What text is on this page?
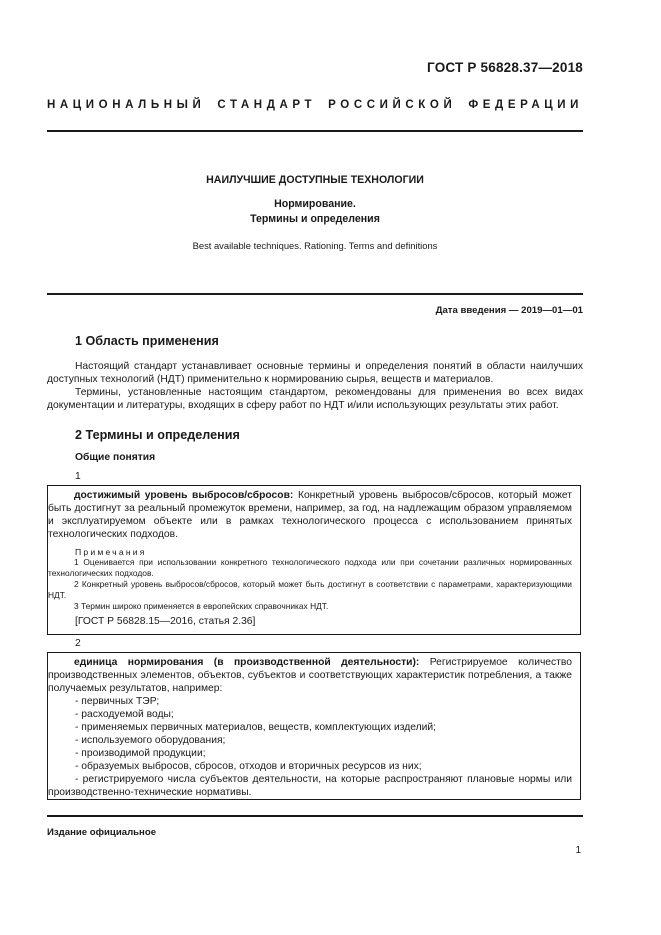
ГОСТ Р 56828.37—2018
НАЦИОНАЛЬНЫЙ СТАНДАРТ РОССИЙСКОЙ ФЕДЕРАЦИИ
НАИЛУЧШИЕ ДОСТУПНЫЕ ТЕХНОЛОГИИ
Нормирование.
Термины и определения
Best available techniques. Rationing. Terms and definitions
Дата введения — 2019—01—01
1 Область применения
Настоящий стандарт устанавливает основные термины и определения понятий в области наилучших доступных технологий (НДТ) применительно к нормированию сырья, веществ и материалов.
Термины, установленные настоящим стандартом, рекомендованы для применения во всех видах документации и литературы, входящих в сферу работ по НДТ и/или использующих результаты этих работ.
2 Термины и определения
Общие понятия
1

достижимый уровень выбросов/сбросов: Конкретный уровень выбросов/сбросов, который может быть достигнут за реальный промежуток времени, например, за год, на надлежащим образом управляемом и эксплуатируемом объекте или в рамках технологического процесса с использованием принятых технологических подходов.

Примечания

1 Оценивается при использовании конкретного технологического подхода или при сочетании различных нормированных технологических подходов.

2 Конкретный уровень выбросов/сбросов, который может быть достигнут в соответствии с параметрами, характеризующими НДТ.

3 Термин широко применяется в европейских справочниках НДТ.

[ГОСТ Р 56828.15—2016, статья 2.36]
2

единица нормирования (в производственной деятельности): Регистрируемое количество производственных элементов, объектов, субъектов и соответствующих характеристик потребления, а также получаемых результатов, например:

- первичных ТЭР;

- расходуемой воды;

- применяемых первичных материалов, веществ, комплектующих изделий;

- используемого оборудования;

- производимой продукции;

- образуемых выбросов, сбросов, отходов и вторичных ресурсов из них;

- регистрируемого числа субъектов деятельности, на которые распространяют плановые нормы или производственно-технические нормативы.

Издание официальное
1
